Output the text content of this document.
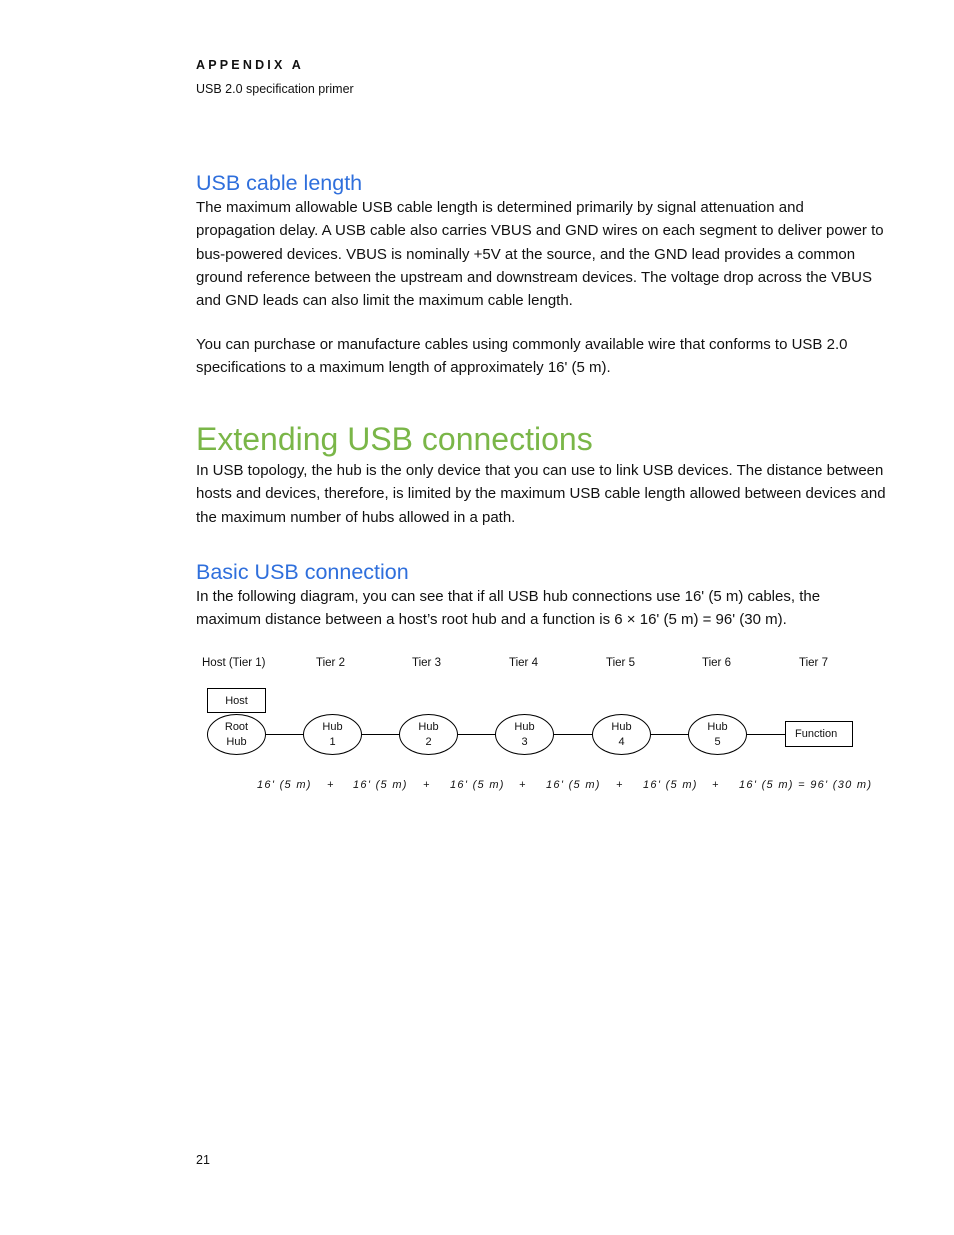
APPENDIX A
USB 2.0 specification primer
USB cable length
The maximum allowable USB cable length is determined primarily by signal attenuation and propagation delay. A USB cable also carries VBUS and GND wires on each segment to deliver power to bus-powered devices. VBUS is nominally +5V at the source, and the GND lead provides a common ground reference between the upstream and downstream devices. The voltage drop across the VBUS and GND leads can also limit the maximum cable length.
You can purchase or manufacture cables using commonly available wire that conforms to USB 2.0 specifications to a maximum length of approximately 16' (5 m).
Extending USB connections
In USB topology, the hub is the only device that you can use to link USB devices. The distance between hosts and devices, therefore, is limited by the maximum USB cable length allowed between devices and the maximum number of hubs allowed in a path.
Basic USB connection
In the following diagram, you can see that if all USB hub connections use 16' (5 m) cables, the maximum distance between a host’s root hub and a function is 6 × 16' (5 m) = 96' (30 m).
Host (Tier 1)	Tier 2	Tier 3	Tier 4	Tier 5	Tier 6	Tier 7
Host
Root
Hub
Hub
1
Hub
2
Hub
3
Hub
4
Hub
5
Function
16' (5 m) + 16' (5 m) + 16' (5 m) + 16' (5 m) + 16' (5 m) + 16' (5 m) = 96' (30 m)
21
